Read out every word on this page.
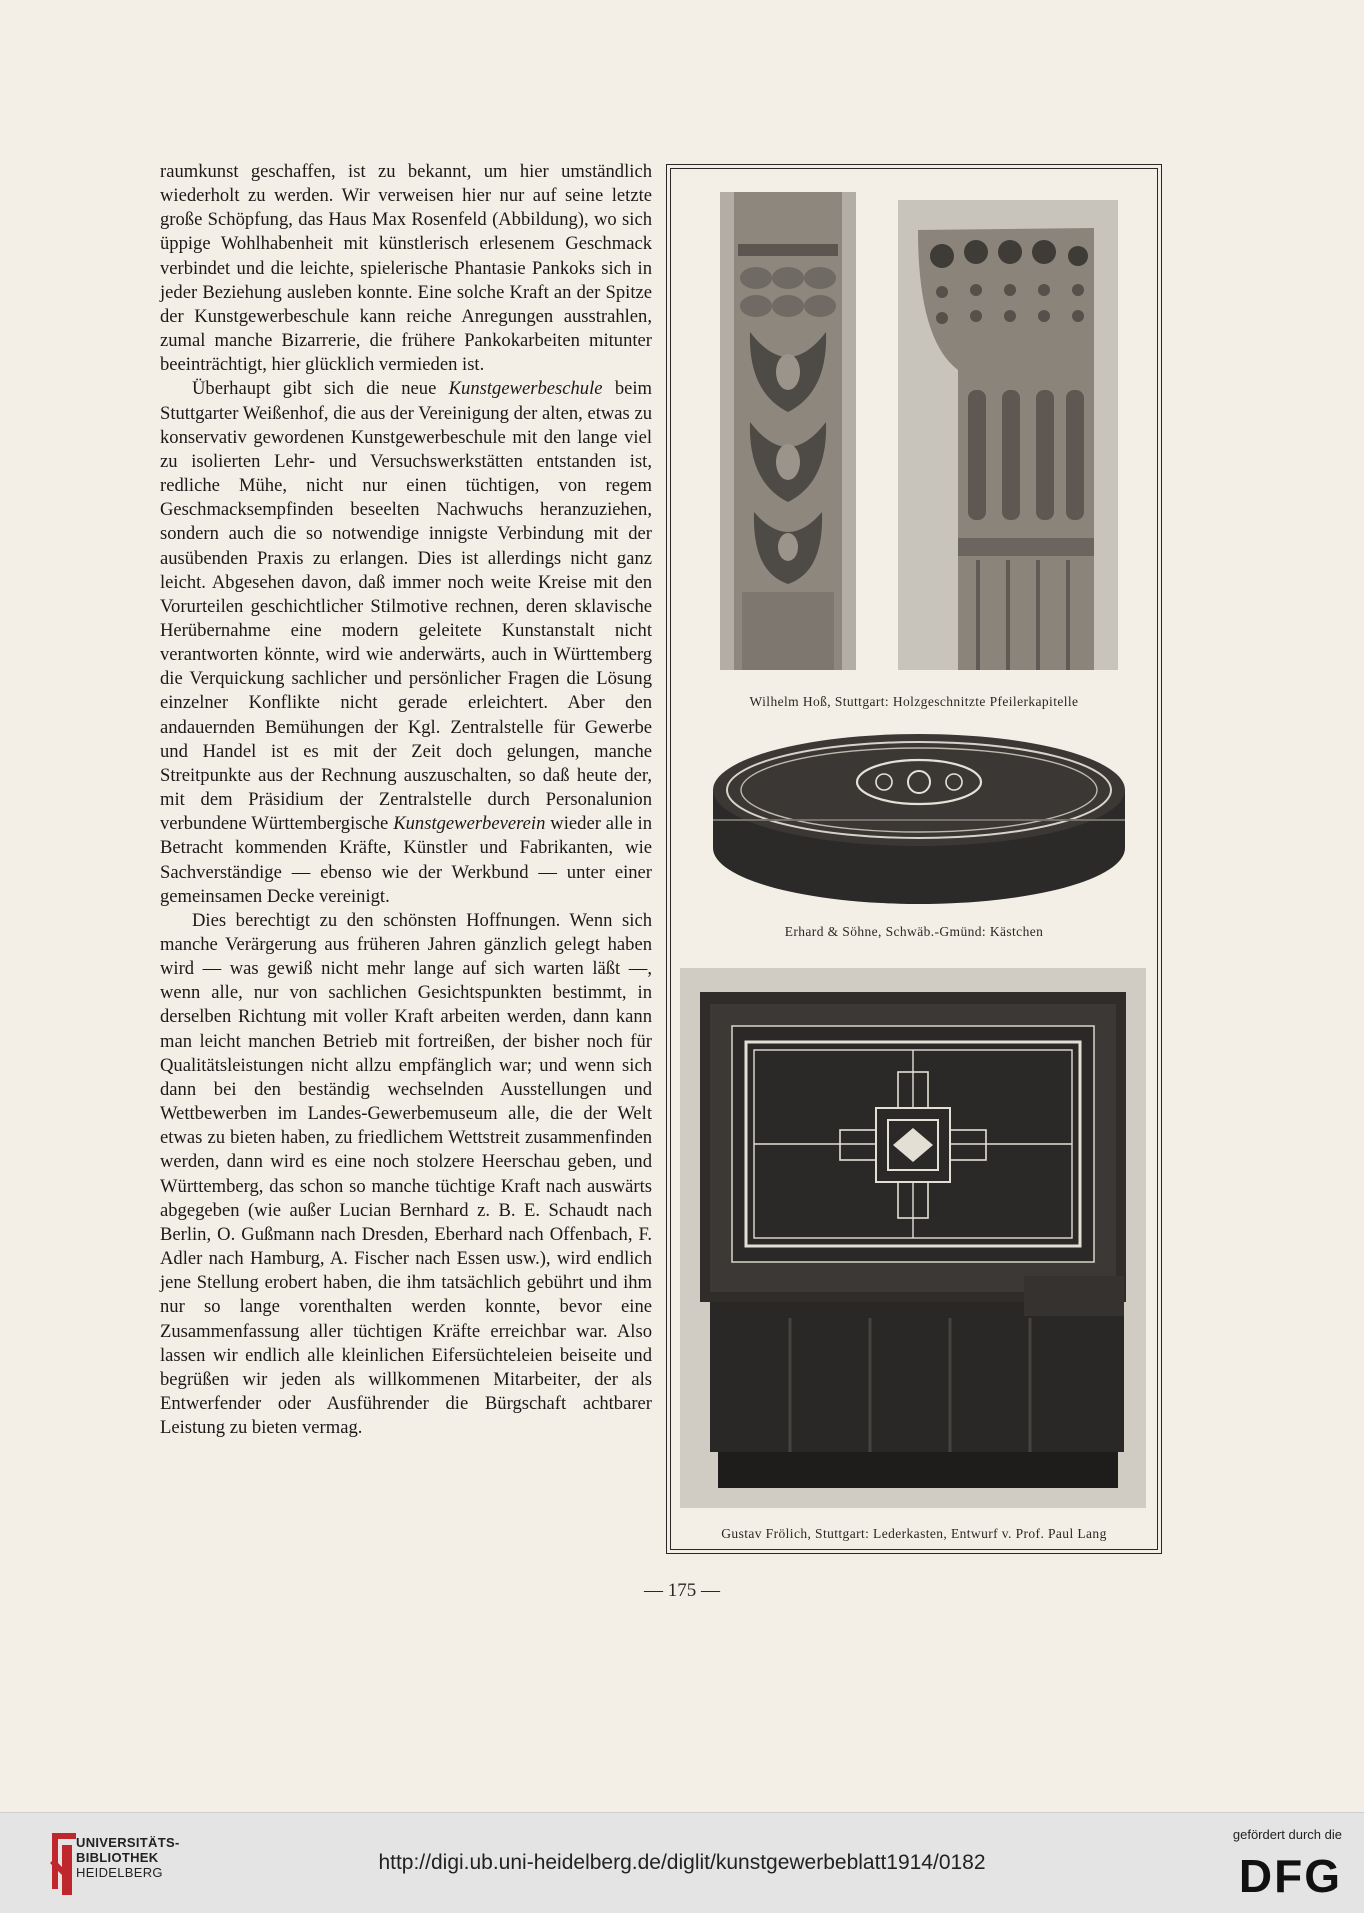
raumkunst geschaffen, ist zu bekannt, um hier umständlich wiederholt zu werden. Wir verweisen hier nur auf seine letzte große Schöpfung, das Haus Max Rosenfeld (Abbildung), wo sich üppige Wohlhabenheit mit künstlerisch erlesenem Geschmack verbindet und die leichte, spielerische Phantasie Pankoks sich in jeder Beziehung ausleben konnte. Eine solche Kraft an der Spitze der Kunstgewerbeschule kann reiche Anregungen ausstrahlen, zumal manche Bizarrerie, die frühere Pankokarbeiten mitunter beeinträchtigt, hier glücklich vermieden ist.

Überhaupt gibt sich die neue Kunstgewerbeschule beim Stuttgarter Weißenhof, die aus der Vereinigung der alten, etwas zu konservativ gewordenen Kunstgewerbeschule mit den lange viel zu isolierten Lehr- und Versuchswerkstätten entstanden ist, redliche Mühe, nicht nur einen tüchtigen, von regem Geschmacksempfinden beseelten Nachwuchs heranzuziehen, sondern auch die so notwendige innigste Verbindung mit der ausübenden Praxis zu erlangen. Dies ist allerdings nicht ganz leicht. Abgesehen davon, daß immer noch weite Kreise mit den Vorurteilen geschichtlicher Stilmotive rechnen, deren sklavische Herübernahme eine modern geleitete Kunstanstalt nicht verantworten könnte, wird wie anderwärts, auch in Württemberg die Verquickung sachlicher und persönlicher Fragen die Lösung einzelner Konflikte nicht gerade erleichtert. Aber den andauernden Bemühungen der Kgl. Zentralstelle für Gewerbe und Handel ist es mit der Zeit doch gelungen, manche Streitpunkte aus der Rechnung auszuschalten, so daß heute der, mit dem Präsidium der Zentralstelle durch Personalunion verbundene Württembergische Kunstgewerbeverein wieder alle in Betracht kommenden Kräfte, Künstler und Fabrikanten, wie Sachverständige — ebenso wie der Werkbund — unter einer gemeinsamen Decke vereinigt.

Dies berechtigt zu den schönsten Hoffnungen. Wenn sich manche Verärgerung aus früheren Jahren gänzlich gelegt haben wird — was gewiß nicht mehr lange auf sich warten läßt —, wenn alle, nur von sachlichen Gesichtspunkten bestimmt, in derselben Richtung mit voller Kraft arbeiten werden, dann kann man leicht manchen Betrieb mit fortreißen, der bisher noch für Qualitätsleistungen nicht allzu empfänglich war; und wenn sich dann bei den beständig wechselnden Ausstellungen und Wettbewerben im Landes-Gewerbemuseum alle, die der Welt etwas zu bieten haben, zu friedlichem Wettstreit zusammenfinden werden, dann wird es eine noch stolzere Heerschau geben, und Württemberg, das schon so manche tüchtige Kraft nach auswärts abgegeben (wie außer Lucian Bernhard z. B. E. Schaudt nach Berlin, O. Gußmann nach Dresden, Eberhard nach Offenbach, F. Adler nach Hamburg, A. Fischer nach Essen usw.), wird endlich jene Stellung erobert haben, die ihm tatsächlich gebührt und ihm nur so lange vorenthalten werden konnte, bevor eine Zusammenfassung aller tüchtigen Kräfte erreichbar war. Also lassen wir endlich alle kleinlichen Eifersüchteleien beiseite und begrüßen wir jeden als willkommenen Mitarbeiter, der als Entwerfender oder Ausführender die Bürgschaft achtbarer Leistung zu bieten vermag.

Wilhelm Hoß, Stuttgart: Holzgeschnitzte Pfeilerkapitelle
Erhard & Söhne, Schwäb.-Gmünd: Kästchen
Gustav Frölich, Stuttgart: Lederkasten, Entwurf v. Prof. Paul Lang
— 175 —
UNIVERSITÄTS-
BIBLIOTHEK
HEIDELBERG	http://digi.ub.uni-heidelberg.de/diglit/kunstgewerbeblatt1914/0182
gefördert durch die
DFG
